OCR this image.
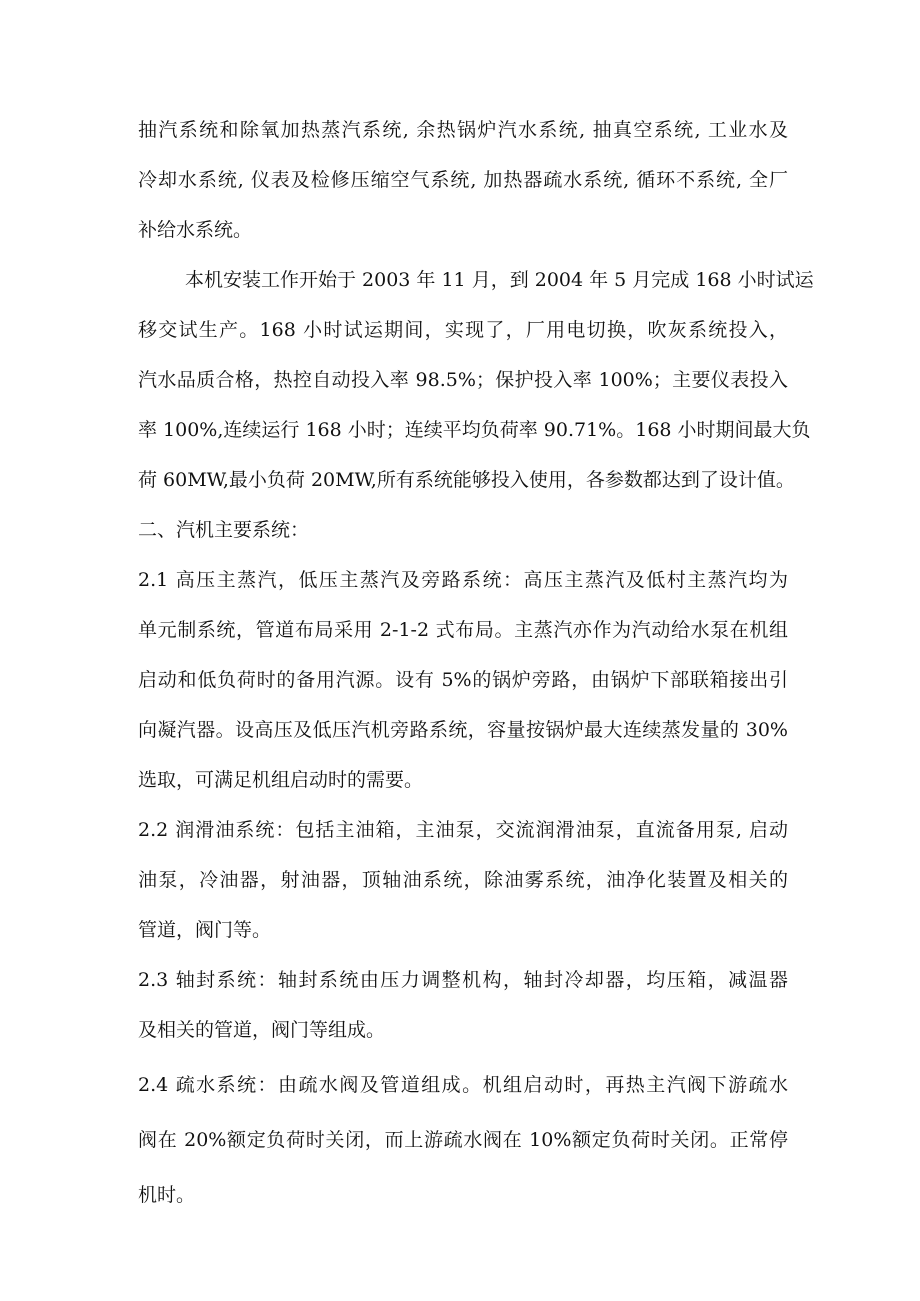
抽汽系统和除氧加热蒸汽系统, 余热锅炉汽水系统, 抽真空系统, 工业水及
冷却水系统, 仪表及检修压缩空气系统, 加热器疏水系统, 循环不系统, 全厂
补给水系统。
本机安装工作开始于 2003 年 11 月，到 2004 年 5 月完成 168 小时试运
移交试生产。168 小时试运期间，实现了，厂用电切换，吹灰系统投入，
汽水品质合格，热控自动投入率 98.5%；保护投入率 100%；主要仪表投入
率 100%,连续运行 168 小时；连续平均负荷率 90.71%。168 小时期间最大负
荷 60MW,最小负荷 20MW,所有系统能够投入使用，各参数都达到了设计值。
二、汽机主要系统：
2.1 高压主蒸汽，低压主蒸汽及旁路系统：高压主蒸汽及低村主蒸汽均为
单元制系统，管道布局采用 2-1-2 式布局。主蒸汽亦作为汽动给水泵在机组
启动和低负荷时的备用汽源。设有 5%的锅炉旁路，由锅炉下部联箱接出引
向凝汽器。设高压及低压汽机旁路系统，容量按锅炉最大连续蒸发量的 30%
选取，可满足机组启动时的需要。
2.2 润滑油系统：包括主油箱，主油泵，交流润滑油泵，直流备用泵, 启动
油泵，冷油器，射油器，顶轴油系统，除油雾系统，油净化装置及相关的
管道，阀门等。
2.3 轴封系统：轴封系统由压力调整机构，轴封冷却器，均压箱，减温器
及相关的管道，阀门等组成。
2.4 疏水系统：由疏水阀及管道组成。机组启动时，再热主汽阀下游疏水
阀在 20%额定负荷时关闭，而上游疏水阀在 10%额定负荷时关闭。正常停
机时。
